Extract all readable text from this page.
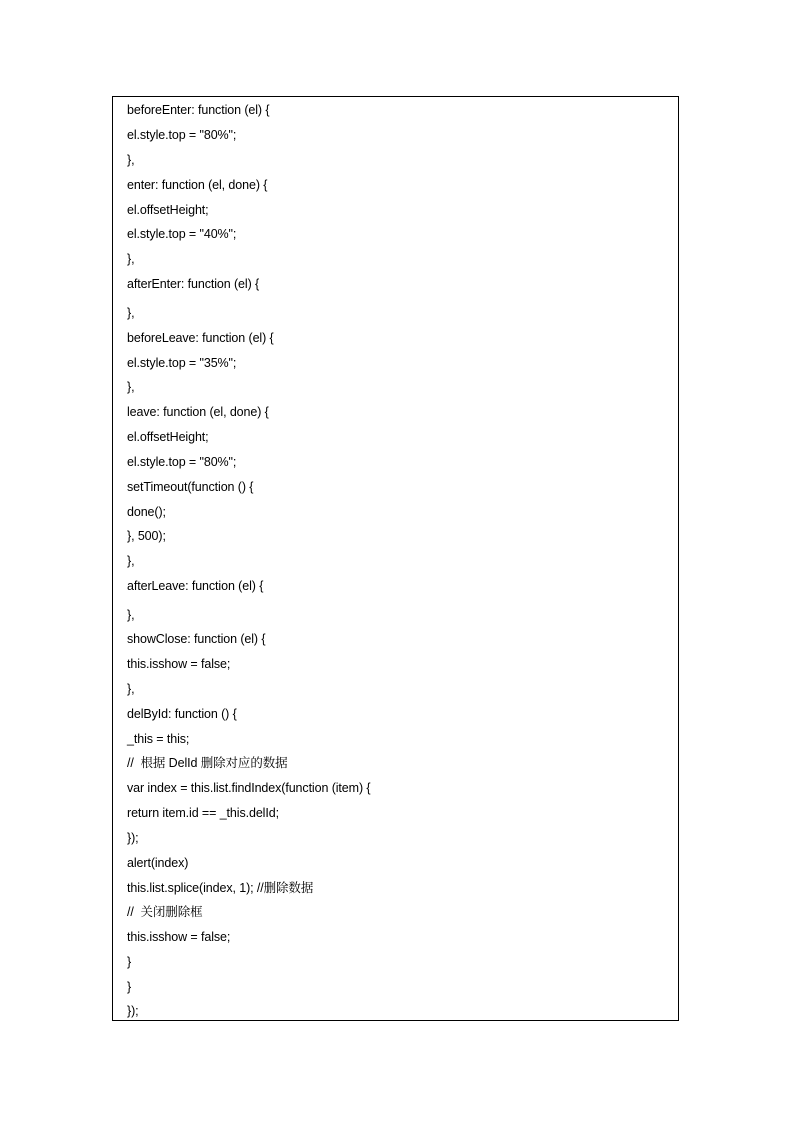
beforeEnter: function (el) {
el.style.top = "80%";
},
enter: function (el, done) {
el.offsetHeight;
el.style.top = "40%";
},
afterEnter: function (el) {
},
beforeLeave: function (el) {
el.style.top = "35%";
},
leave: function (el, done) {
el.offsetHeight;
el.style.top = "80%";
setTimeout(function () {
done();
}, 500);
},
afterLeave: function (el) {
},
showClose: function (el) {
this.isshow = false;
},
delById: function () {
_this = this;
//  根据 DelId 删除对应的数据
var index = this.list.findIndex(function (item) {
return item.id == _this.delId;
});
alert(index)
this.list.splice(index, 1); //删除数据
//  关闭删除框
this.isshow = false;
}
}
});
